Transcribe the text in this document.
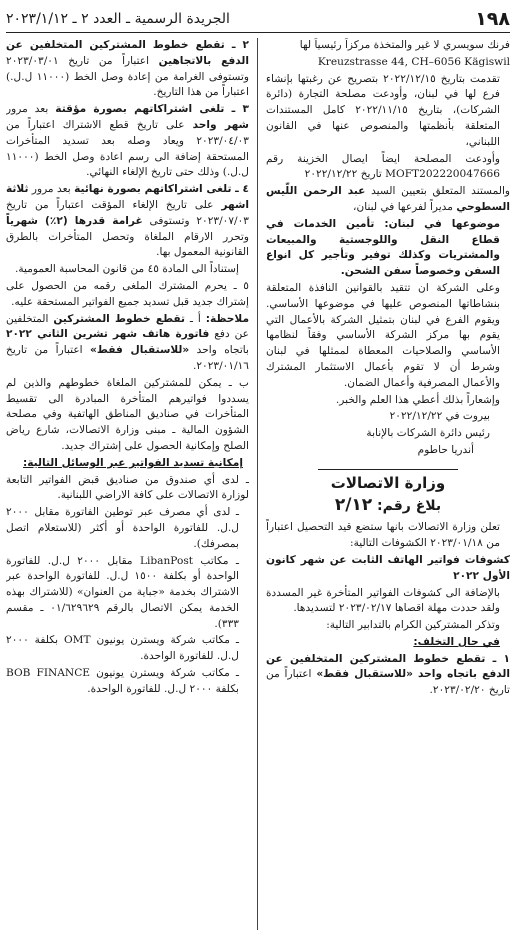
١٩٨
الجريدة الرسمية ـ العدد ٢ ـ ٢٠٢٣/١/١٢

فرنك سويسري لا غير والمتخذة مركزاً رئيسياً لها

Kreuzstrasse 44, CH–6056 Kägiswil

تقدمت بتاريخ ٢٠٢٢/١٢/١٥ بتصريح عن رغبتها بإنشاء فرع لها في لبنان، وأودعت مصلحة التجارة (دائرة الشركات)، بتاريخ ٢٠٢٢/١١/١٥ كامل المستندات المتعلقة بأنظمتها والمنصوص عنها في القانون اللبناني،

وأودعت المصلحة ايضاً ايصال الخزينة رقم MOFT202220047666 تاريخ ٢٠٢٢/١٢/٢٢

والمستند المتعلق بتعيين السيد عبد الرحمن اللّيس السطوحي مديراً لفرعها في لبنان،

موضوعها في لبنان: تأمين الخدمات في قطاع النقل واللوجستية والمبيعات والمشتريات وكذلك توفير وتأجير كل انواع السفن وخصوصاً سفن الشحن.

وعلى الشركة ان تتقيد بالقوانين النافذة المتعلقة بنشاطاتها المنصوص عليها في موضوعها الأساسي. ويقوم الفرع في لبنان بتمثيل الشركة بالأعمال التي يقوم بها مركز الشركة الأساسي وفقاً لنظامها الأساسي والصلاحيات المعطاة لممثلها في لبنان وشرط أن لا تقوم بأعمال الاستثمار المشترك والأعمال المصرفية وأعمال الضمان.

وإشعاراً بذلك أعطي هذا العلم والخبر.

بيروت في ٢٠٢٢/١٢/٢٢

رئيس دائرة الشركات بالإنابة

أندريا حاطوم

وزارة الاتصالات
بلاغ رقم: ٢/١٢

تعلن وزارة الاتصالات بانها ستضع قيد التحصيل اعتباراً من ٢٠٢٣/٠١/١٨ الكشوفات التالية:

كشوفات فواتير الهاتف الثابت عن شهر كانون الأول ٢٠٢٢

بالإضافة الى كشوفات الفواتير المتأخرة غير المسددة ولقد حددت مهلة اقصاها ٢٠٢٣/٠٢/١٧ لتسديدها.

وتذكر المشتركين الكرام بالتدابير التالية:

في حال التخلف:

١ ـ تقطع خطوط المشتركين المتخلفين عن الدفع باتجاه واحد «للاستقبال فقط» اعتباراً من تاريخ ٢٠٢٣/٠٢/٢٠.

٢ ـ تقطع خطوط المشتركين المتخلفين عن الدفع بالاتجاهين اعتباراً من تاريخ ٢٠٢٣/٠٣/٠١ وتستوفى الغرامة من إعادة وصل الخط (١١٠٠٠ ل.ل.) اعتباراً من هذا التاريخ.

٣ ـ تلغى اشتراكاتهم بصورة مؤقتة بعد مرور شهر واحد على تاريخ قطع الاشتراك اعتباراً من ٢٠٢٣/٠٤/٠٣ ويعاد وصله بعد تسديد المتأخرات المستحقة إضافة الى رسم اعادة وصل الخط (١١٠٠٠ ل.ل.) وذلك حتى تاريخ الإلغاء النهائي.

٤ ـ تلغى اشتراكاتهم بصورة نهائية بعد مرور ثلاثة اشهر على تاريخ الإلغاء المؤقت اعتباراً من تاريخ ٢٠٢٣/٠٧/٠٣ وتستوفى غرامة قدرها (٢٪) شهرياً وتحرر الارقام الملغاة وتحصل المتأخرات بالطرق القانونية المعمول بها.

إستناداً الى المادة ٤٥ من قانون المحاسبة العمومية.

٥ ـ يحرم المشترك الملغى رقمه من الحصول على إشتراك جديد قبل تسديد جميع الفواتير المستحقة عليه.

ملاحظة: أ ـ تقطع خطوط المشتركين المتخلفين عن دفع فاتورة هاتف شهر تشرين الثاني ٢٠٢٢ باتجاه واحد «للاستقبال فقط» اعتباراً من تاريخ ٢٠٢٣/٠١/١٦.

ب ـ يمكن للمشتركين الملغاة خطوطهم والذين لم يسددوا فواتيرهم المتأخرة المبادرة الى تقسيط المتأخرات في صناديق المناطق الهاتفية وفي مصلحة الشؤون المالية ـ مبنى وزارة الاتصالات، شارع رياض الصلح وإمكانية الحصول على إشتراك جديد.

إمكانية تسديد الفواتير عبر الوسائل التالية:

ـ لدى أي صندوق من صناديق قبض الفواتير التابعة لوزارة الاتصالات على كافة الاراضي اللبنانية.

ـ لدى أي مصرف عبر توطين الفاتورة مقابل ٢٠٠٠ ل.ل. للفاتورة الواحدة أو أكثر (للاستعلام اتصل بمصرفك).

ـ مكاتب LibanPost مقابل ٢٠٠٠ ل.ل. للفاتورة الواحدة أو بكلفة ١٥٠٠ ل.ل. للفاتورة الواحدة عبر الاشتراك بخدمة «جباية من العنوان» (للاشتراك بهذه الخدمة يمكن الاتصال بالرقم ٠١/٦٢٩٦٢٩ ـ مقسم ٣٣٣).

ـ مكاتب شركة ويسترن يونيون OMT بكلفة ٢٠٠٠ ل.ل. للفاتورة الواحدة.

ـ مكاتب شركة ويسترن يونيون BOB FINANCE بكلفة ٢٠٠٠ ل.ل. للفاتورة الواحدة.
